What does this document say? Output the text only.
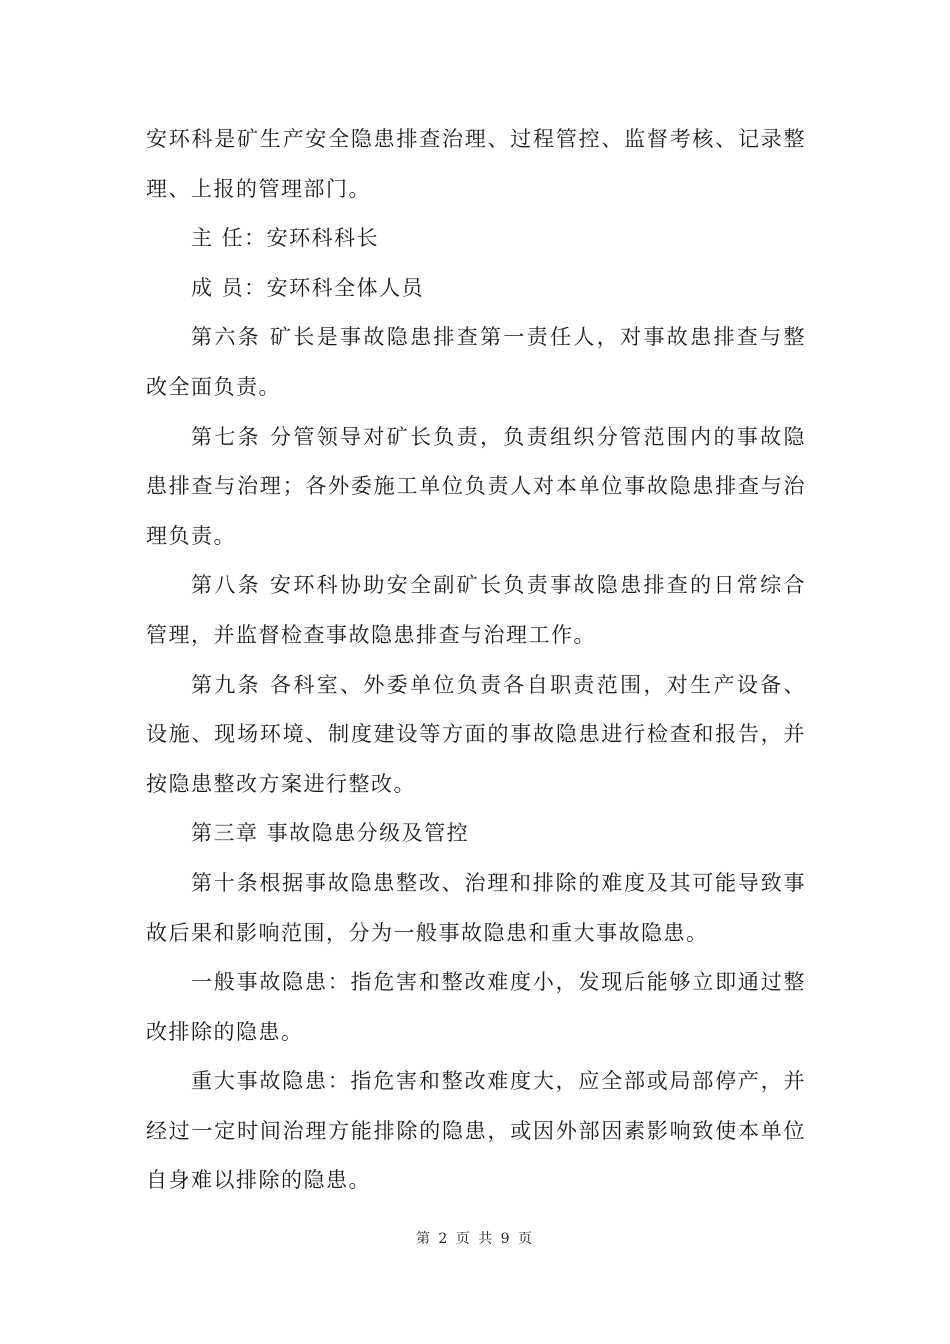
安环科是矿生产安全隐患排查治理、过程管控、监督考核、记录整理、上报的管理部门。

主 任：安环科科长

成 员：安环科全体人员

第六条 矿长是事故隐患排查第一责任人，对事故患排查与整改全面负责。

第七条 分管领导对矿长负责，负责组织分管范围内的事故隐患排查与治理；各外委施工单位负责人对本单位事故隐患排查与治理负责。

第八条 安环科协助安全副矿长负责事故隐患排查的日常综合管理，并监督检查事故隐患排查与治理工作。

第九条 各科室、外委单位负责各自职责范围，对生产设备、设施、现场环境、制度建设等方面的事故隐患进行检查和报告，并按隐患整改方案进行整改。

第三章 事故隐患分级及管控

第十条根据事故隐患整改、治理和排除的难度及其可能导致事故后果和影响范围，分为一般事故隐患和重大事故隐患。

一般事故隐患：指危害和整改难度小，发现后能够立即通过整改排除的隐患。

重大事故隐患：指危害和整改难度大，应全部或局部停产，并经过一定时间治理方能排除的隐患，或因外部因素影响致使本单位自身难以排除的隐患。

第 2 页 共 9 页
